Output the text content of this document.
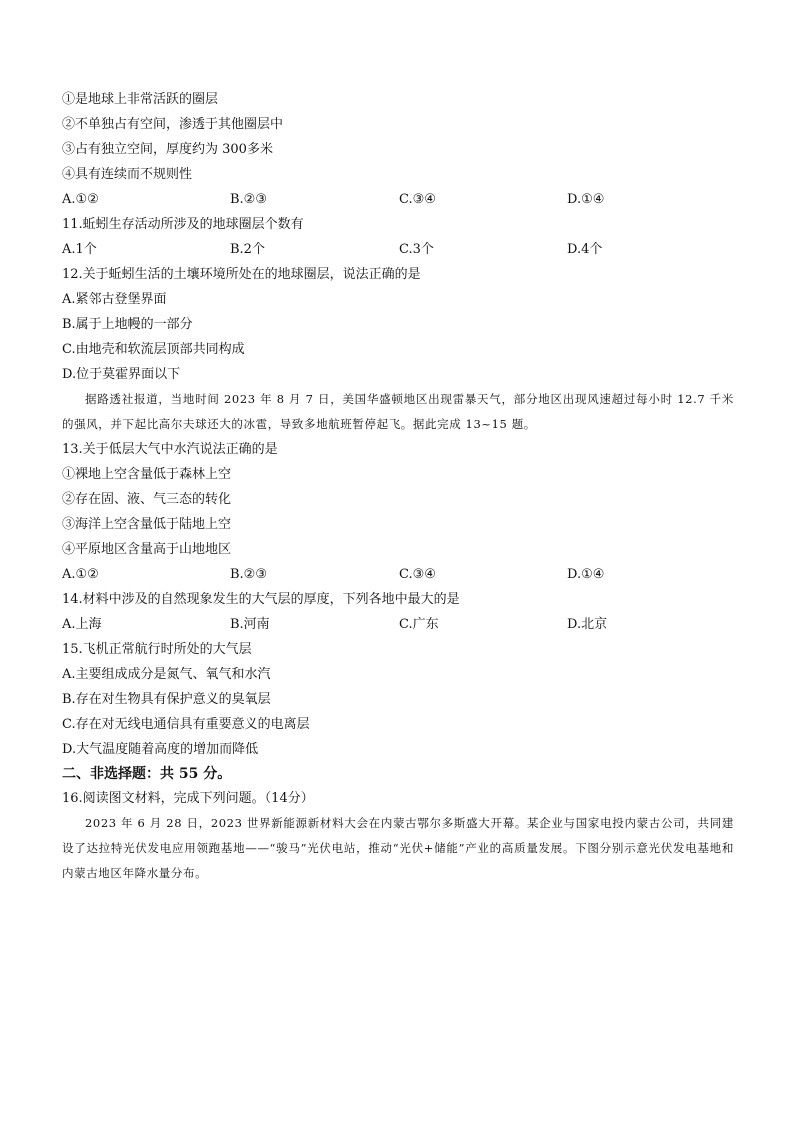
①是地球上非常活跃的圈层
②不单独占有空间，渗透于其他圈层中
③占有独立空间，厚度约为 300多米
④具有连续而不规则性
A.①②	B.②③	C.③④	D.①④
11.蚯蚓生存活动所涉及的地球圈层个数有
A.1个	B.2个	C.3个	D.4个
12.关于蚯蚓生活的土壤环境所处在的地球圈层，说法正确的是
A.紧邻古登堡界面
B.属于上地幔的一部分
C.由地壳和软流层顶部共同构成
D.位于莫霍界面以下
据路透社报道，当地时间 2023 年 8 月 7 日，美国华盛顿地区出现雷暴天气，部分地区出现风速超过每小时 12.7 千米的强风，并下起比高尔夫球还大的冰雹，导致多地航班暂停起飞。据此完成 13~15 题。
13.关于低层大气中水汽说法正确的是
①裸地上空含量低于森林上空
②存在固、液、气三态的转化
③海洋上空含量低于陆地上空
④平原地区含量高于山地地区
A.①②	B.②③	C.③④	D.①④
14.材料中涉及的自然现象发生的大气层的厚度，下列各地中最大的是
A.上海	B.河南	C.广东	D.北京
15.飞机正常航行时所处的大气层
A.主要组成成分是氮气、氧气和水汽
B.存在对生物具有保护意义的臭氧层
C.存在对无线电通信具有重要意义的电离层
D.大气温度随着高度的增加而降低
二、非选择题：共 55 分。
16.阅读图文材料，完成下列问题。（14分）
2023 年 6 月 28 日，2023 世界新能源新材料大会在内蒙古鄂尔多斯盛大开幕。某企业与国家电投内蒙古公司，共同建设了达拉特光伏发电应用领跑基地——“骏马”光伏电站，推动“光伏+储能”产业的高质量发展。下图分别示意光伏发电基地和内蒙古地区年降水量分布。
